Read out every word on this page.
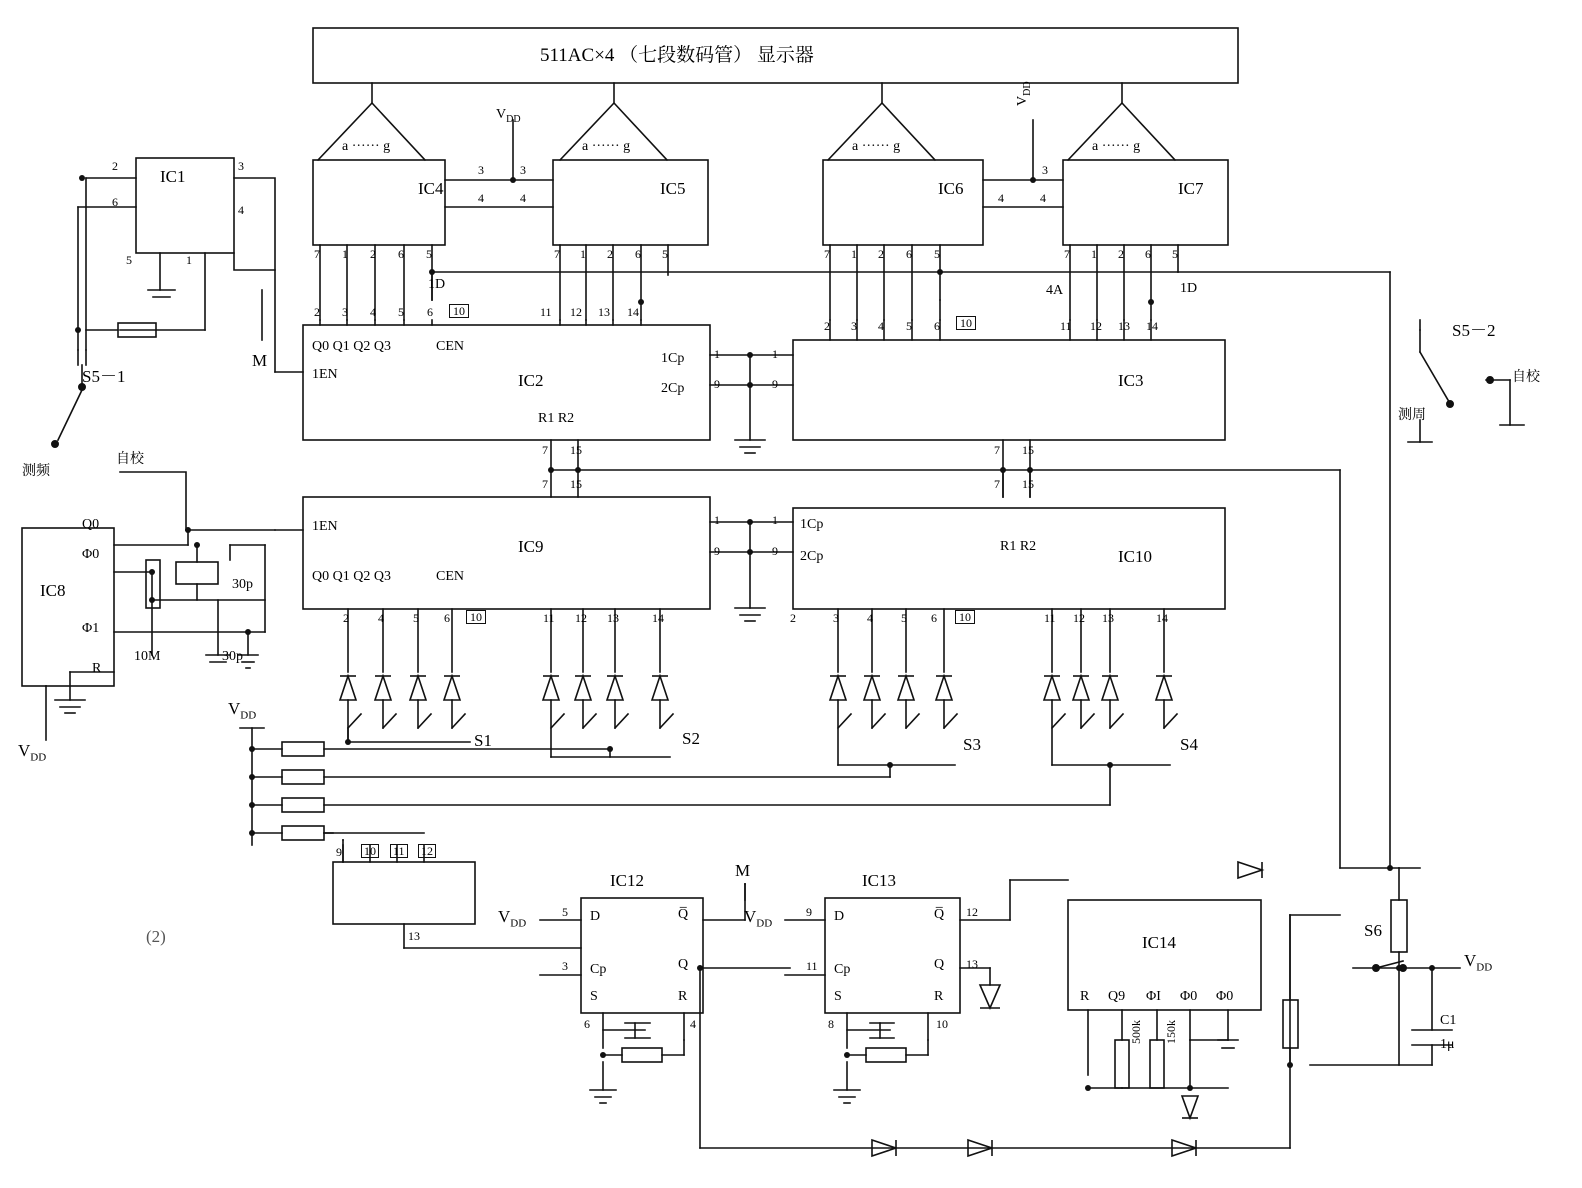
511AC×4 （七段数码管） 显示器
a ······ g	a ······ g	a ······ g	a ······ g
IC4	IC5	IC6	IC7
IC1
IC8
IC2	IC3
IC9
IC10
IC12	IC13
IC14
$V_{DD}$
$V_{DD}$
2	3
6
4
5	1
3	3
4	4
3
4	4
7 1 2 6 5	7 1 2 6 5	7 1 2 6 5	7 1 2 6 5
1D	1D
4A
2 3 4 5 6	10	11 12 13 14
2 3 4 5 6	10	11 12 13 14
Q0 Q1 Q2 Q3	CEN
1EN
1Cp
2Cp
R1 R2
1	1
9	9
7 15
7 15
7 15
7 15
1EN
Q0 Q1 Q2 Q3	CEN
1Cp
2Cp
R1 R2
1	1
9	9
2 4 5 6	10	11 12 13	14	2	3 4 5 6	10	11 12 13	14
S1	S2	S3	S4
S5－1
S5－2
S6
测频
自校
测周
自校
M
M
Q0
Φ0
Φ1
R
10M	30p
30p
$V_{DD}$
$V_{DD}$
$V_{DD}$	$V_{DD}$
$V_{DD}$
9 10 11 12
13
D
Cp
S
Q̅
Q
R
5
3
6	4
D
Cp
S
Q̅
Q
R
9
11
8
12
13
10
R Q9 ΦI Φ0 Φ0
500k 150k	C1
1μ
(2)
